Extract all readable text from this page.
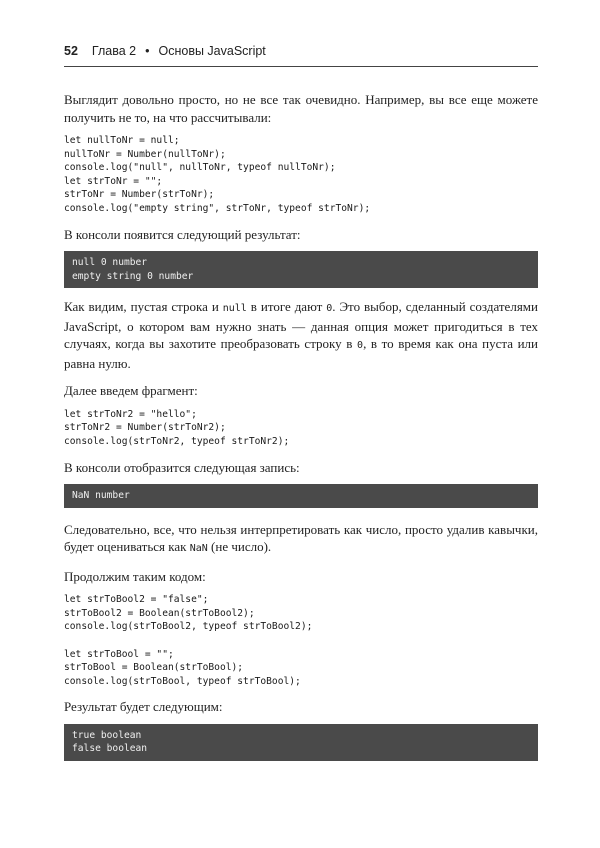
52 Глава 2 • Основы JavaScript

Выглядит довольно просто, но не все так очевидно. Например, вы все еще можете получить не то, на что рассчитывали:

let nullToNr = null;
nullToNr = Number(nullToNr);
console.log("null", nullToNr, typeof nullToNr);
let strToNr = "";
strToNr = Number(strToNr);
console.log("empty string", strToNr, typeof strToNr);

В консоли появится следующий результат:

null 0 number
empty string 0 number

Как видим, пустая строка и null в итоге дают 0. Это выбор, сделанный создателями JavaScript, о котором вам нужно знать — данная опция может пригодиться в тех случаях, когда вы захотите преобразовать строку в 0, в то время как она пуста или равна нулю.

Далее введем фрагмент:

let strToNr2 = "hello";
strToNr2 = Number(strToNr2);
console.log(strToNr2, typeof strToNr2);

В консоли отобразится следующая запись:

NaN number

Следовательно, все, что нельзя интерпретировать как число, просто удалив кавычки, будет оцениваться как NaN (не число).

Продолжим таким кодом:

let strToBool2 = "false";
strToBool2 = Boolean(strToBool2);
console.log(strToBool2, typeof strToBool2);

let strToBool = "";
strToBool = Boolean(strToBool);
console.log(strToBool, typeof strToBool);

Результат будет следующим:

true boolean
false boolean
